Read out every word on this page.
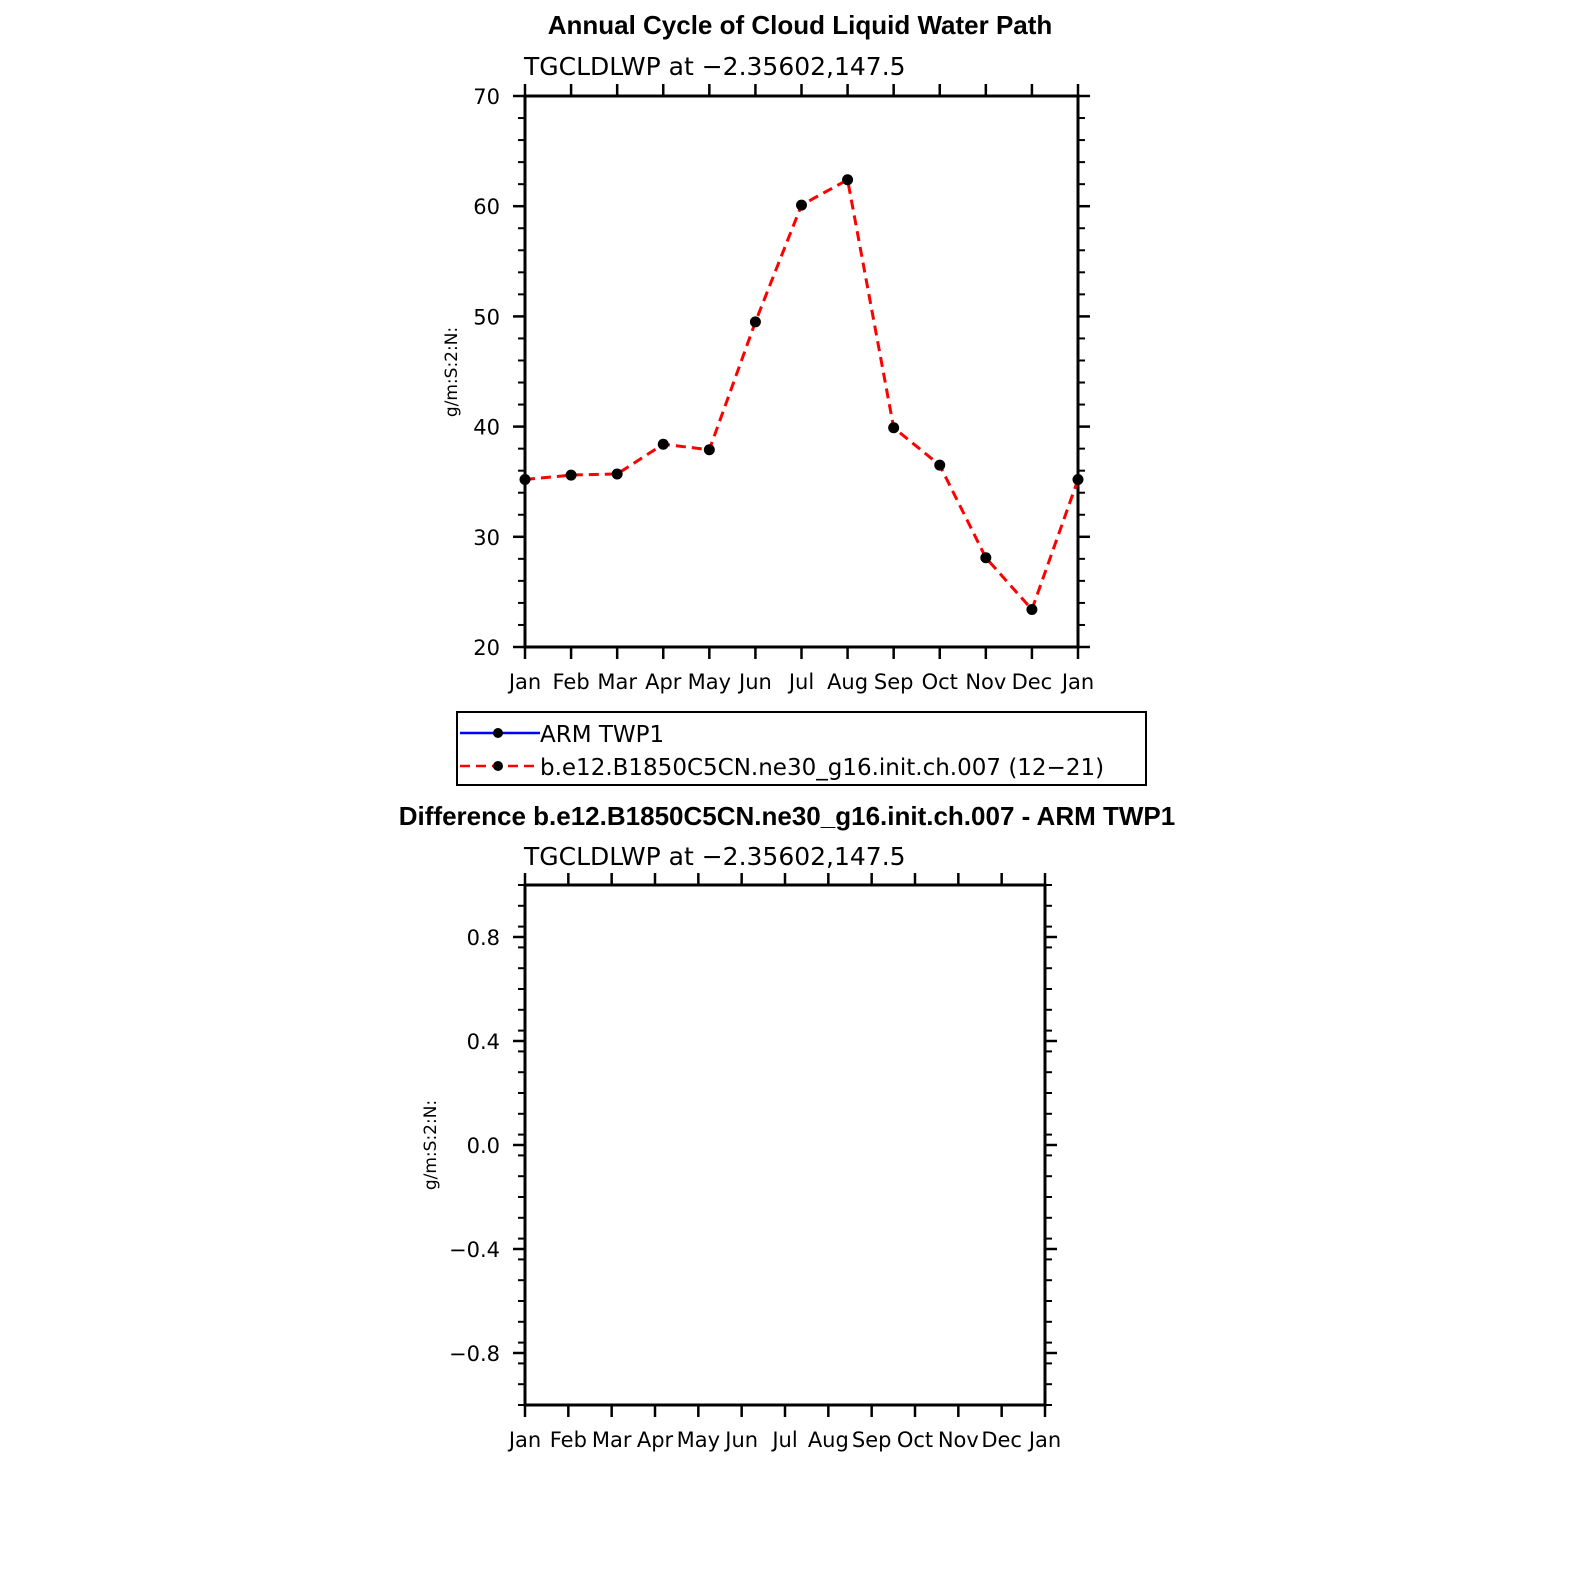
Annual Cycle of Cloud Liquid Water Path
TGCLDLWP at −2.35602,147.5
g/m:S:2:N:
Jan Feb Mar Apr May Jun Jul Aug Sep Oct Nov Dec Jan
70
60
50
40
30
20
ARM TWP1
b.e12.B1850C5CN.ne30_g16.init.ch.007 (12−21)
Difference b.e12.B1850C5CN.ne30_g16.init.ch.007 - ARM TWP1
TGCLDLWP at −2.35602,147.5
g/m:S:2:N:
Jan Feb Mar Apr May Jun Jul Aug Sep Oct Nov Dec Jan
0.8
0.4
0.0
−0.4
−0.8
